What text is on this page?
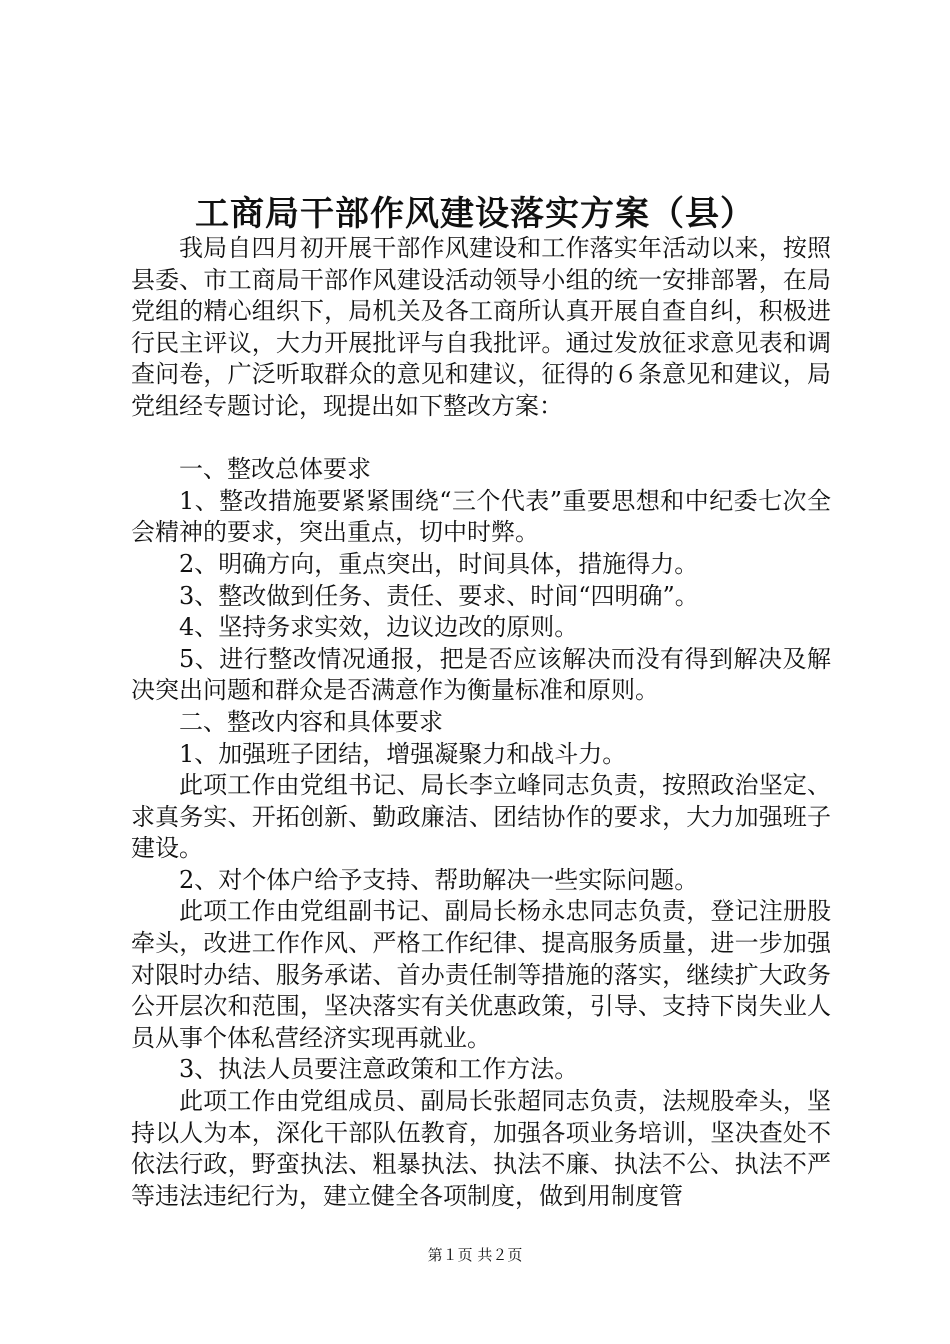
工商局干部作风建设落实方案（县）

我局自四月初开展干部作风建设和工作落实年活动以来，按照县委、市工商局干部作风建设活动领导小组的统一安排部署，在局党组的精心组织下，局机关及各工商所认真开展自查自纠，积极进行民主评议，大力开展批评与自我批评。通过发放征求意见表和调查问卷，广泛听取群众的意见和建议，征得的６条意见和建议，局党组经专题讨论，现提出如下整改方案：

一、整改总体要求

1、整改措施要紧紧围绕“三个代表”重要思想和中纪委七次全会精神的要求，突出重点，切中时弊。

2、明确方向，重点突出，时间具体，措施得力。

3、整改做到任务、责任、要求、时间“四明确”。

4、坚持务求实效，边议边改的原则。

5、进行整改情况通报，把是否应该解决而没有得到解决及解决突出问题和群众是否满意作为衡量标准和原则。

二、整改内容和具体要求

1、加强班子团结，增强凝聚力和战斗力。

此项工作由党组书记、局长李立峰同志负责，按照政治坚定、求真务实、开拓创新、勤政廉洁、团结协作的要求，大力加强班子建设。

2、对个体户给予支持、帮助解决一些实际问题。

此项工作由党组副书记、副局长杨永忠同志负责，登记注册股牵头，改进工作作风、严格工作纪律、提高服务质量，进一步加强对限时办结、服务承诺、首办责任制等措施的落实，继续扩大政务公开层次和范围，坚决落实有关优惠政策，引导、支持下岗失业人员从事个体私营经济实现再就业。

3、执法人员要注意政策和工作方法。

此项工作由党组成员、副局长张超同志负责，法规股牵头，坚持以人为本，深化干部队伍教育，加强各项业务培训，坚决查处不依法行政，野蛮执法、粗暴执法、执法不廉、执法不公、执法不严等违法违纪行为，建立健全各项制度，做到用制度管

第１页 共２页
